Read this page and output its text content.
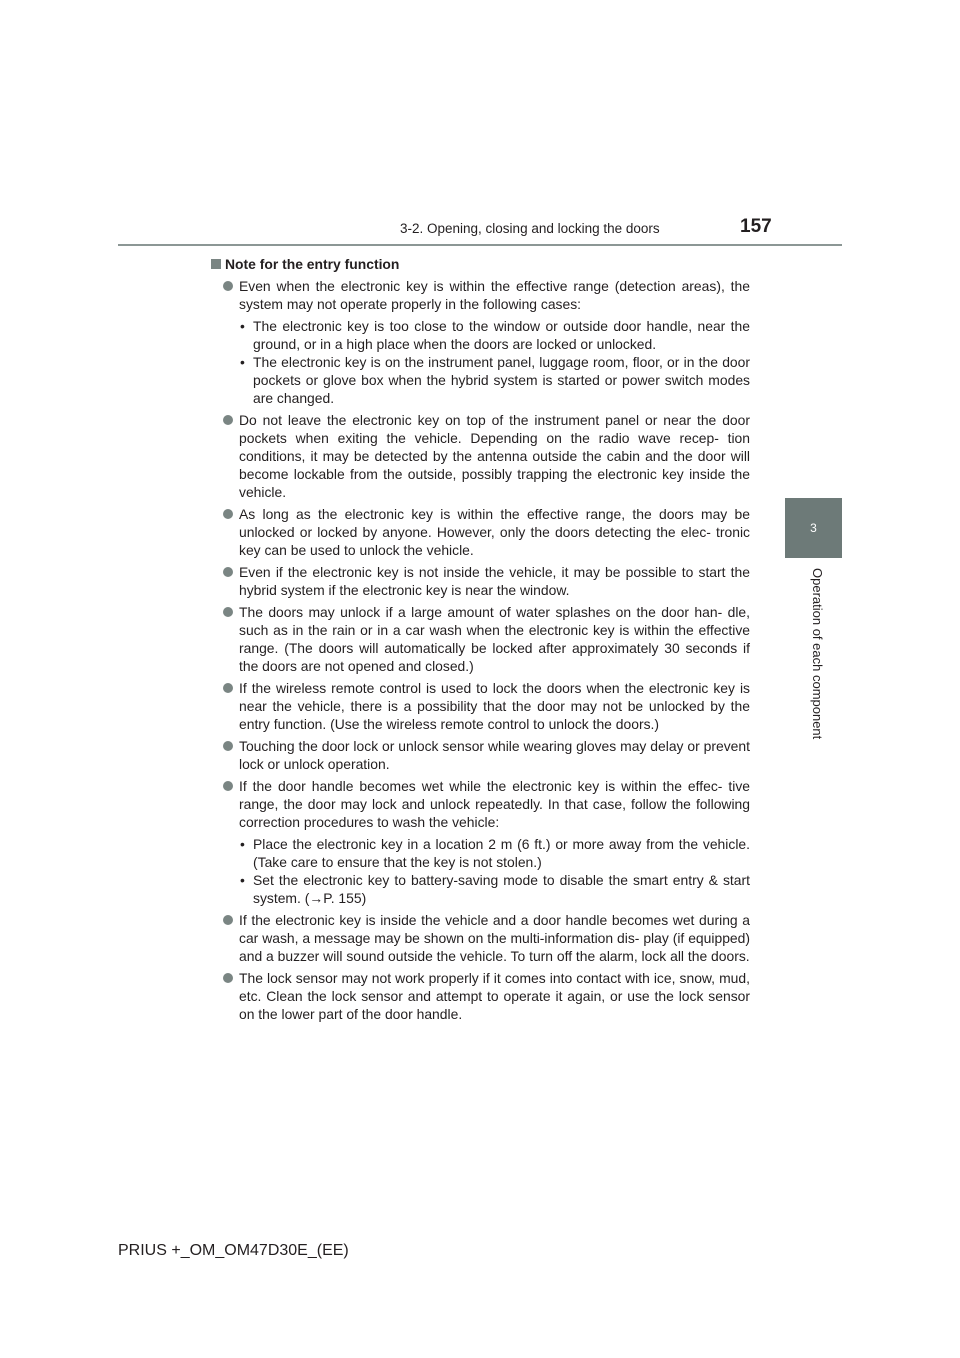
3-2. Opening, closing and locking the doors	157
3
Operation of each component
Note for the entry function
Even when the electronic key is within the effective range (detection areas), the system may not operate properly in the following cases:
• The electronic key is too close to the window or outside door handle, near the ground, or in a high place when the doors are locked or unlocked.
• The electronic key is on the instrument panel, luggage room, floor, or in the door pockets or glove box when the hybrid system is started or power switch modes are changed.
Do not leave the electronic key on top of the instrument panel or near the door pockets when exiting the vehicle. Depending on the radio wave recep- tion conditions, it may be detected by the antenna outside the cabin and the door will become lockable from the outside, possibly trapping the electronic key inside the vehicle.
As long as the electronic key is within the effective range, the doors may be unlocked or locked by anyone. However, only the doors detecting the elec- tronic key can be used to unlock the vehicle.
Even if the electronic key is not inside the vehicle, it may be possible to start the hybrid system if the electronic key is near the window.
The doors may unlock if a large amount of water splashes on the door han- dle, such as in the rain or in a car wash when the electronic key is within the effective range. (The doors will automatically be locked after approximately 30 seconds if the doors are not opened and closed.)
If the wireless remote control is used to lock the doors when the electronic key is near the vehicle, there is a possibility that the door may not be unlocked by the entry function. (Use the wireless remote control to unlock the doors.)
Touching the door lock or unlock sensor while wearing gloves may delay or prevent lock or unlock operation.
If the door handle becomes wet while the electronic key is within the effec- tive range, the door may lock and unlock repeatedly. In that case, follow the following correction procedures to wash the vehicle:
• Place the electronic key in a location 2 m (6 ft.) or more away from the vehicle. (Take care to ensure that the key is not stolen.)
• Set the electronic key to battery-saving mode to disable the smart entry & start system. (→P. 155)
If the electronic key is inside the vehicle and a door handle becomes wet during a car wash, a message may be shown on the multi-information dis- play (if equipped) and a buzzer will sound outside the vehicle. To turn off the alarm, lock all the doors.
The lock sensor may not work properly if it comes into contact with ice, snow, mud, etc. Clean the lock sensor and attempt to operate it again, or use the lock sensor on the lower part of the door handle.
PRIUS +_OM_OM47D30E_(EE)
